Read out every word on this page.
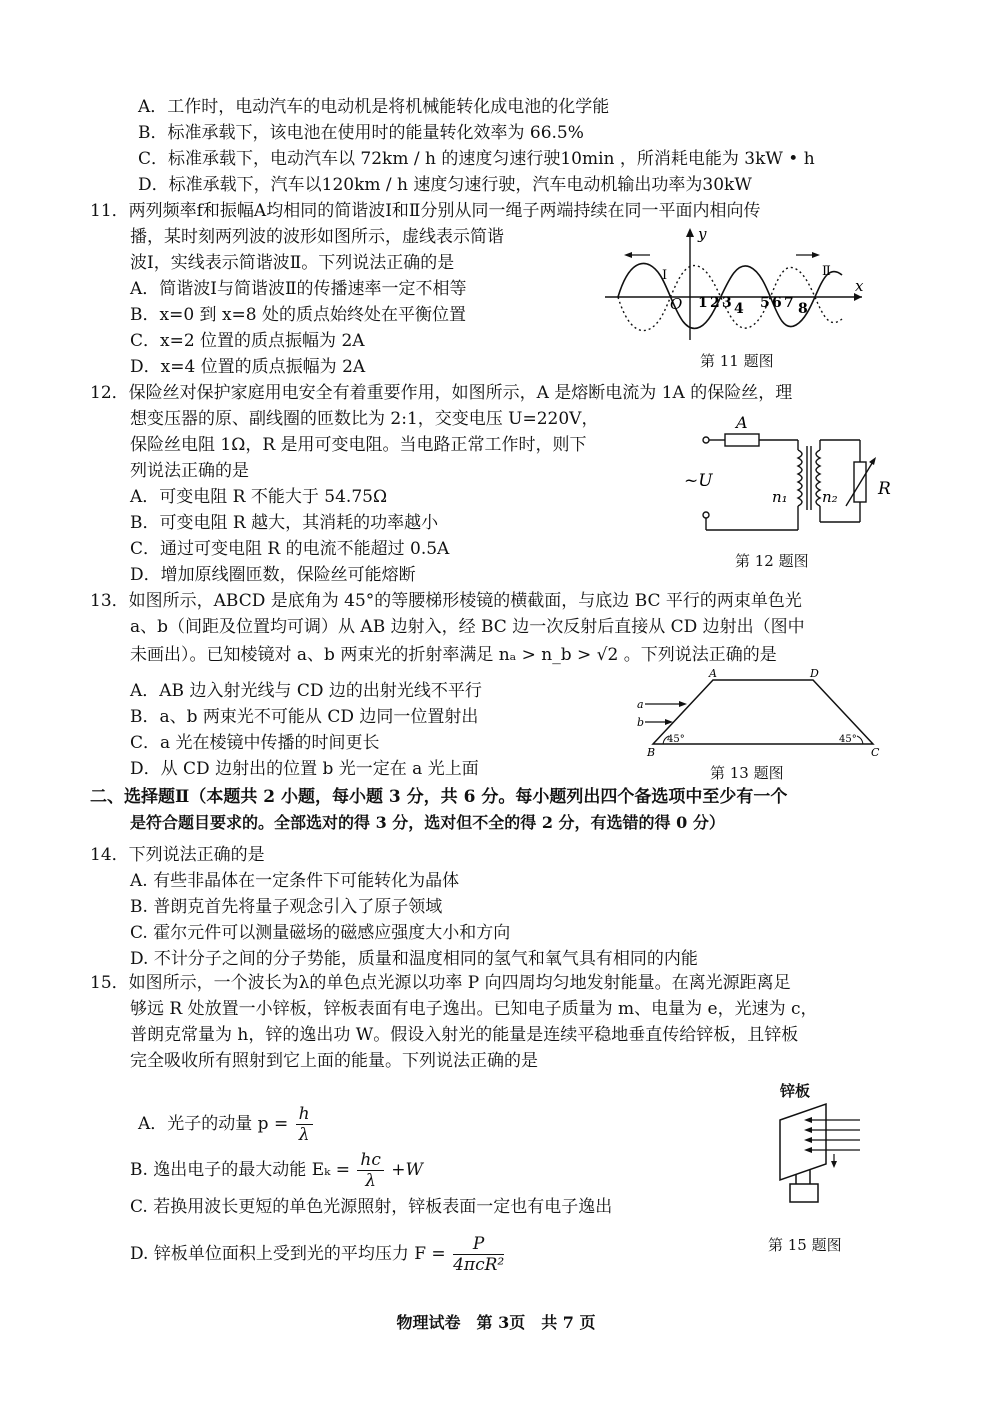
A．工作时，电动汽车的电动机是将机械能转化成电池的化学能
B．标准承载下，该电池在使用时的能量转化效率为 66.5%
C．标准承载下，电动汽车以 72km / h 的速度匀速行驶10min ，所消耗电能为 3kW • h
D．标准承载下，汽车以120km / h 速度匀速行驶，汽车电动机输出功率为30kW
11．两列频率f和振幅A均相同的简谐波Ⅰ和Ⅱ分别从同一绳子两端持续在同一平面内相向传
播，某时刻两列波的波形如图所示，虚线表示简谐
波Ⅰ，实线表示简谐波Ⅱ。下列说法正确的是
A．简谐波Ⅰ与简谐波Ⅱ的传播速率一定不相等
B．x=0 到 x=8 处的质点始终处在平衡位置
C．x=2 位置的质点振幅为 2A
D．x=4 位置的质点振幅为 2A
y
x
O
Ⅰ	Ⅱ
1 2 3 4 5 6 7 8
第 11 题图
12．保险丝对保护家庭用电安全有着重要作用，如图所示，A 是熔断电流为 1A 的保险丝，理
想变压器的原、副线圈的匝数比为 2:1，交变电压 U=220V，
保险丝电阻 1Ω，R 是用可变电阻。当电路正常工作时，则下
列说法正确的是
A．可变电阻 R 不能大于 54.75Ω
B．可变电阻 R 越大，其消耗的功率越小
C．通过可变电阻 R 的电流不能超过 0.5A
D．增加原线圈匝数，保险丝可能熔断
A
~U
n₁ n₂ R
第 12 题图
13．如图所示，ABCD 是底角为 45°的等腰梯形棱镜的横截面，与底边 BC 平行的两束单色光
a、b（间距及位置均可调）从 AB 边射入，经 BC 边一次反射后直接从 CD 边射出（图中
未画出）。已知棱镜对 a、b 两束光的折射率满足 nₐ > n_b > √2 。下列说法正确的是
A．AB 边入射光线与 CD 边的出射光线不平行
B．a、b 两束光不可能从 CD 边同一位置射出
C．a 光在棱镜中传播的时间更长
D．从 CD 边射出的位置 b 光一定在 a 光上面
A	D
B	C
a
b
45°	45°
第 13 题图
二、选择题Ⅱ（本题共 2 小题，每小题 3 分，共 6 分。每小题列出四个备选项中至少有一个
是符合题目要求的。全部选对的得 3 分，选对但不全的得 2 分，有选错的得 0 分）
14．下列说法正确的是
A. 有些非晶体在一定条件下可能转化为晶体
B. 普朗克首先将量子观念引入了原子领域
C. 霍尔元件可以测量磁场的磁感应强度大小和方向
D. 不计分子之间的分子势能，质量和温度相同的氢气和氧气具有相同的内能
15．如图所示，一个波长为λ的单色点光源以功率 P 向四周均匀地发射能量。在离光源距离足
够远 R 处放置一小锌板，锌板表面有电子逸出。已知电子质量为 m、电量为 e，光速为 c，
普朗克常量为 h，锌的逸出功 W。假设入射光的能量是连续平稳地垂直传给锌板，且锌板
完全吸收所有照射到它上面的能量。下列说法正确的是
A．光子的动量 $p = \frac{h}{\lambda}$
B. 逸出电子的最大动能 $E_k = \frac{hc}{\lambda} +W$
C. 若换用波长更短的单色光源照射，锌板表面一定也有电子逸出
D. 锌板单位面积上受到光的平均压力 $F = \frac{P}{\text{4πcR²}}$
锌板
第 15 题图
物理试卷　第 3页　共 7 页
